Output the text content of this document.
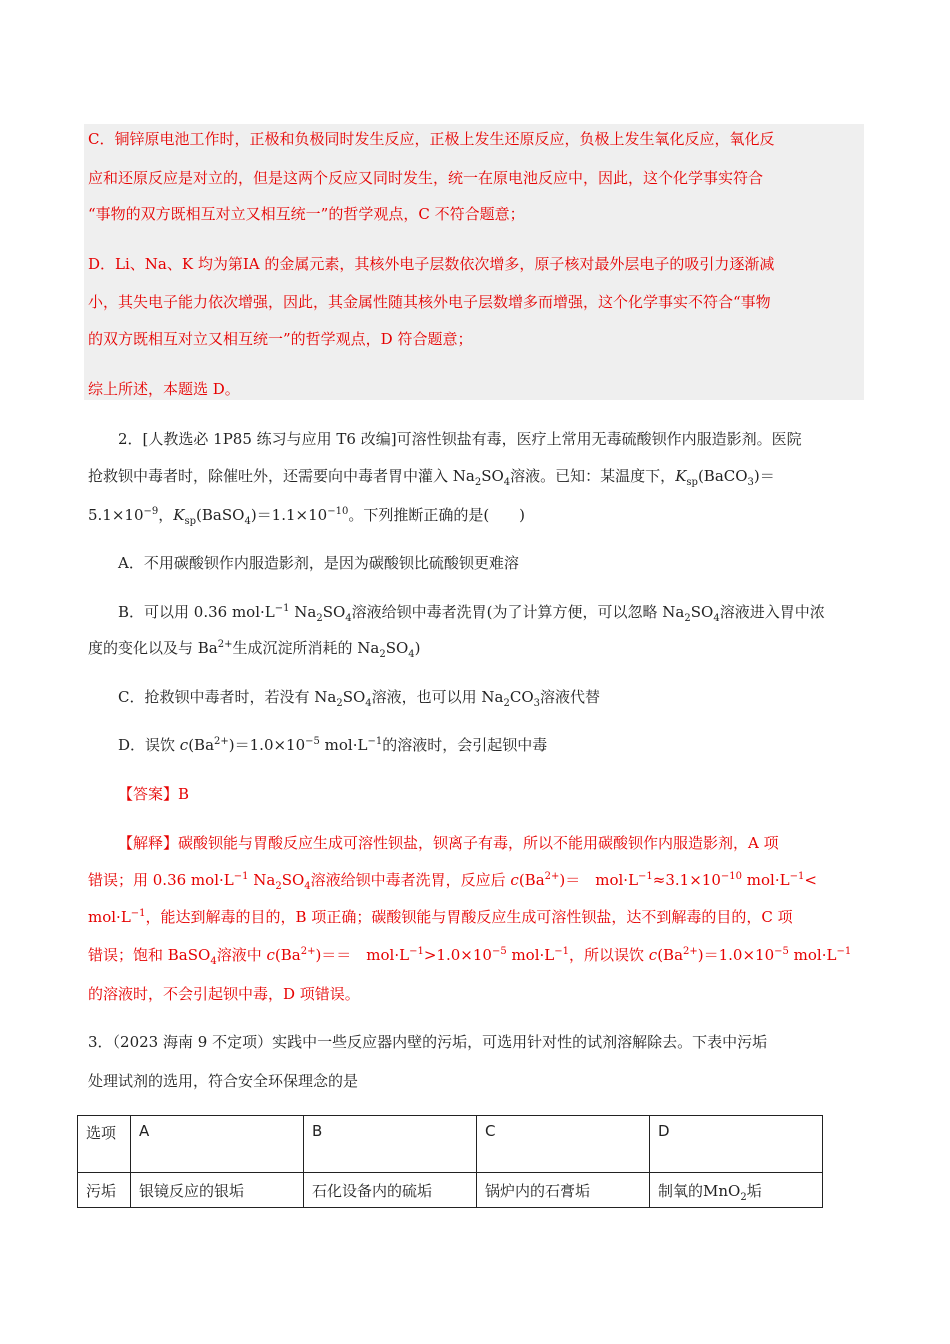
C．铜锌原电池工作时，正极和负极同时发生反应，正极上发生还原反应，负极上发生氧化反应，氧化反
应和还原反应是对立的，但是这两个反应又同时发生，统一在原电池反应中，因此，这个化学事实符合
“事物的双方既相互对立又相互统一”的哲学观点，C 不符合题意；
D．Li、Na、K 均为第ⅠA 的金属元素，其核外电子层数依次增多，原子核对最外层电子的吸引力逐渐减
小，其失电子能力依次增强，因此，其金属性随其核外电子层数增多而增强，这个化学事实不符合“事物
的双方既相互对立又相互统一”的哲学观点，D 符合题意；
综上所述，本题选 D。
2．[人教选必 1P85 练习与应用 T6 改编]可溶性钡盐有毒，医疗上常用无毒硫酸钡作内服造影剂。医院
抢救钡中毒者时，除催吐外，还需要向中毒者胃中灌入 $Na_2SO_4$溶液。已知：某温度下，$K_{sp}(BaCO_3)=$
$5.1\times 10^{-9}$，$K_{sp}(BaSO_4)=1.1\times 10^{-10}$。下列推断正确的是(　　)
A．不用碳酸钡作内服造影剂，是因为碳酸钡比硫酸钡更难溶
B．可以用 0.36 $mol\cdot L^{-1}$ $Na_2SO_4$溶液给钡中毒者洗胃(为了计算方便，可以忽略 $Na_2SO_4$溶液进入胃中浓
度的变化以及与 $Ba^{2+}$生成沉淀所消耗的 $Na_2SO_4$)
C．抢救钡中毒者时，若没有 $Na_2SO_4$溶液，也可以用 $Na_2CO_3$溶液代替
D．误饮 $c(Ba^{2+})=1.0\times 10^{-5}$ $mol\cdot L^{-1}$的溶液时，会引起钡中毒
【答案】B
【解释】碳酸钡能与胃酸反应生成可溶性钡盐，钡离子有毒，所以不能用碳酸钡作内服造影剂，A 项
错误；用 0.36 $mol\cdot L^{-1}$ $Na_2SO_4$溶液给钡中毒者洗胃，反应后 $c(Ba^{2+})=$　$mol\cdot L^{-1}\approx 3.1\times 10^{-10}$ $mol\cdot L^{-1}<$
$mol\cdot L^{-1}$，能达到解毒的目的，B 项正确；碳酸钡能与胃酸反应生成可溶性钡盐，达不到解毒的目的，C 项
错误；饱和 BaSO$_4$溶液中 $c(Ba^{2+})==$　$mol\cdot L^{-1}>1.0\times 10^{-5}$ $mol\cdot L^{-1}$，所以误饮 $c(Ba^{2+})=1.0\times 10^{-5}$ $mol\cdot L^{-1}$
的溶液时，不会引起钡中毒，D 项错误。
3．（2023 海南 9 不定项）实践中一些反应器内壁的污垢，可选用针对性的试剂溶解除去。下表中污垢
处理试剂的选用，符合安全环保理念的是
选项	A	B	C	D
污垢	银镜反应的银垢	石化设备内的硫垢	锅炉内的石膏垢	制氧的MnO$_2$垢
